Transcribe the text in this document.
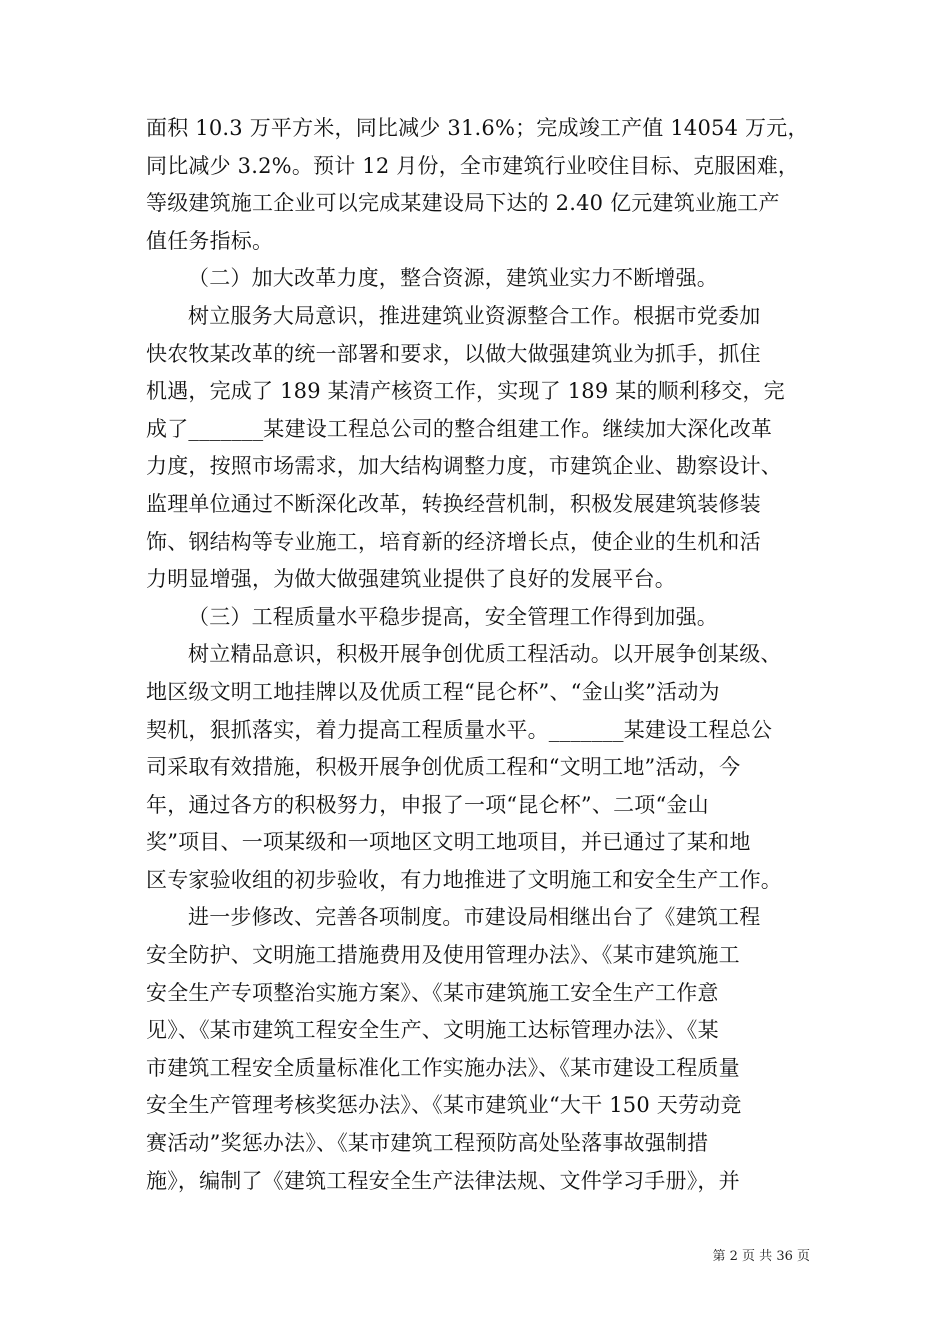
面积 10.3 万平方米，同比减少 31.6%；完成竣工产值 14054 万元，
同比减少 3.2%。预计 12 月份，全市建筑行业咬住目标、克服困难，
等级建筑施工企业可以完成某建设局下达的 2.40 亿元建筑业施工产
值任务指标。
（二）加大改革力度，整合资源，建筑业实力不断增强。
树立服务大局意识，推进建筑业资源整合工作。根据市党委加
快农牧某改革的统一部署和要求，以做大做强建筑业为抓手，抓住
机遇，完成了 189 某清产核资工作，实现了 189 某的顺利移交，完
成了_______某建设工程总公司的整合组建工作。继续加大深化改革
力度，按照市场需求，加大结构调整力度，市建筑企业、勘察设计、
监理单位通过不断深化改革，转换经营机制，积极发展建筑装修装
饰、钢结构等专业施工，培育新的经济增长点，使企业的生机和活
力明显增强，为做大做强建筑业提供了良好的发展平台。
（三）工程质量水平稳步提高，安全管理工作得到加强。
树立精品意识，积极开展争创优质工程活动。以开展争创某级、
地区级文明工地挂牌以及优质工程“昆仑杯”、“金山奖”活动为
契机，狠抓落实，着力提高工程质量水平。_______某建设工程总公
司采取有效措施，积极开展争创优质工程和“文明工地”活动，今
年，通过各方的积极努力，申报了一项“昆仑杯”、二项“金山
奖”项目、一项某级和一项地区文明工地项目，并已通过了某和地
区专家验收组的初步验收，有力地推进了文明施工和安全生产工作。
进一步修改、完善各项制度。市建设局相继出台了《建筑工程
安全防护、文明施工措施费用及使用管理办法》、《某市建筑施工
安全生产专项整治实施方案》、《某市建筑施工安全生产工作意
见》、《某市建筑工程安全生产、文明施工达标管理办法》、《某
市建筑工程安全质量标准化工作实施办法》、《某市建设工程质量
安全生产管理考核奖惩办法》、《某市建筑业“大干 150 天劳动竞
赛活动”奖惩办法》、《某市建筑工程预防高处坠落事故强制措
施》，编制了《建筑工程安全生产法律法规、文件学习手册》，并
第 2 页 共 36 页
